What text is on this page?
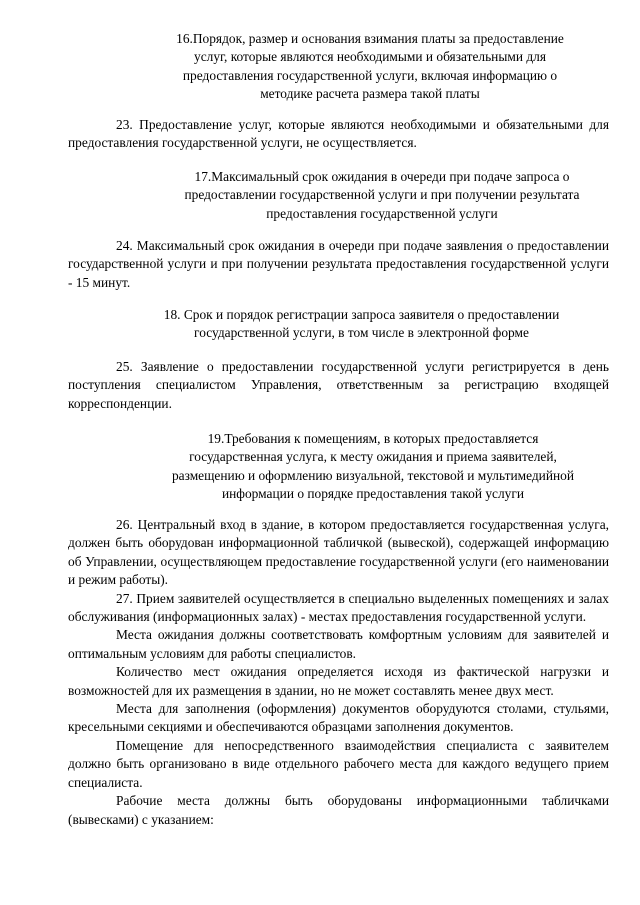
16.Порядок, размер и основания взимания платы за предоставление
услуг, которые являются необходимыми и обязательными для
предоставления государственной услуги, включая информацию о
методике расчета размера такой платы

23. Предоставление услуг, которые являются необходимыми и обязательными для предоставления государственной услуги, не осуществляется.

17.Максимальный срок ожидания в очереди при подаче запроса о
предоставлении государственной услуги и при получении результата
предоставления государственной услуги

24. Максимальный срок ожидания в очереди при подаче заявления о предоставлении государственной услуги и при получении результата предоставления государственной услуги - 15 минут.

18. Срок и порядок регистрации запроса заявителя о предоставлении
государственной услуги, в том числе в электронной форме

25. Заявление о предоставлении государственной услуги регистрируется в день поступления специалистом Управления, ответственным за регистрацию входящей корреспонденции.

19.Требования к помещениям, в которых предоставляется
государственная услуга, к месту ожидания и приема заявителей,
размещению и оформлению визуальной, текстовой и мультимедийной
информации о порядке предоставления такой услуги

26. Центральный вход в здание, в котором предоставляется государственная услуга, должен быть оборудован информационной табличкой (вывеской), содержащей информацию об Управлении, осуществляющем предоставление государственной услуги (его наименовании и режим работы).

27. Прием заявителей осуществляется в специально выделенных помещениях и залах обслуживания (информационных залах) - местах предоставления государственной услуги.

Места ожидания должны соответствовать комфортным условиям для заявителей и оптимальным условиям для работы специалистов.

Количество мест ожидания определяется исходя из фактической нагрузки и возможностей для их размещения в здании, но не может составлять менее двух мест.

Места для заполнения (оформления) документов оборудуются столами, стульями, кресельными секциями и обеспечиваются образцами заполнения документов.

Помещение для непосредственного взаимодействия специалиста с заявителем должно быть организовано в виде отдельного рабочего места для каждого ведущего прием специалиста.

Рабочие места должны быть оборудованы информационными табличками (вывесками) с указанием:
